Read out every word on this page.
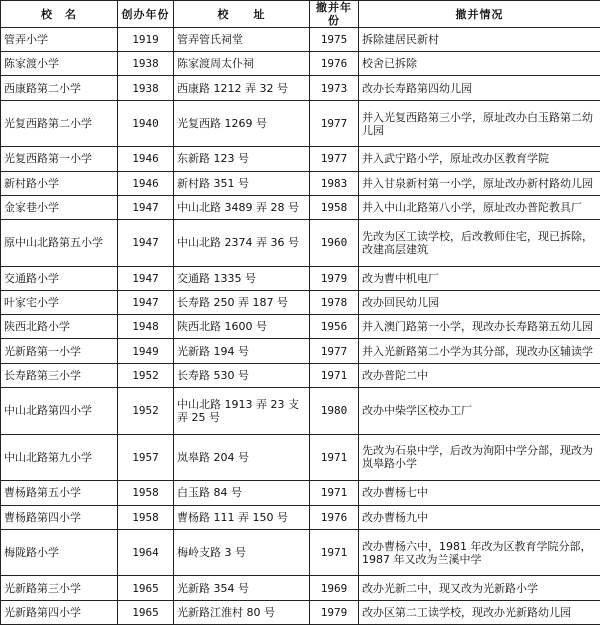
校　名	创办年份	校　　址	撤并年份	撤并情况
管弄小学	1919	管弄管氏祠堂	1975	拆除建居民新村
陈家渡小学	1938	陈家渡周太仆祠	1976	校舍已拆除
西康路第二小学	1938	西康路 1212 弄 32 号	1973	改办长寿路第四幼儿园
光复西路第二小学	1940	光复西路 1269 号	1977	并入光复西路第三小学，原址改办白玉路第二幼儿园
光复西路第一小学	1946	东新路 123 号	1977	并入武宁路小学，原址改办区教育学院
新村路小学	1946	新村路 351 号	1983	并入甘泉新村第一小学，原址改办新村路幼儿园
金家巷小学	1947	中山北路 3489 弄 28 号	1958	并入中山北路第八小学，原址改办普陀教具厂
原中山北路第五小学	1947	中山北路 2374 弄 36 号	1960	先改为区工读学校，后改教师住宅，现已拆除，改建高层建筑
交通路小学	1947	交通路 1335 号	1979	改为曹中机电厂
叶家宅小学	1947	长寿路 250 弄 187 号	1978	改办回民幼儿园
陕西北路小学	1948	陕西北路 1600 号	1956	并入澳门路第一小学，现改办长寿路第五幼儿园
光新路第一小学	1949	光新路 194 号	1977	并入光新路第二小学为其分部，现改办区辅读学
长寿路第三小学	1952	长寿路 530 号	1971	改办普陀二中
中山北路第四小学	1952	中山北路 1913 弄 23 支弄 25 号	1980	改办中柴学区校办工厂
中山北路第九小学	1957	岚皋路 204 号	1971	先改为石泉中学，后改为洵阳中学分部，现改为岚皋路小学
曹杨路第五小学	1958	白玉路 84 号	1971	改办曹杨七中
曹杨路第四小学	1958	曹杨路 111 弄 150 号	1976	改办曹杨九中
梅陇路小学	1964	梅岭支路 3 号	1971	改办曹杨六中，1981 年改为区教育学院分部，1987 年又改为兰溪中学
光新路第三小学	1965	光新路 354 号	1969	改办光新二中，现又改为光新路小学
光新路第四小学	1965	光新路江淮村 80 号	1979	改办区第二工读学校，现改办光新路幼儿园
